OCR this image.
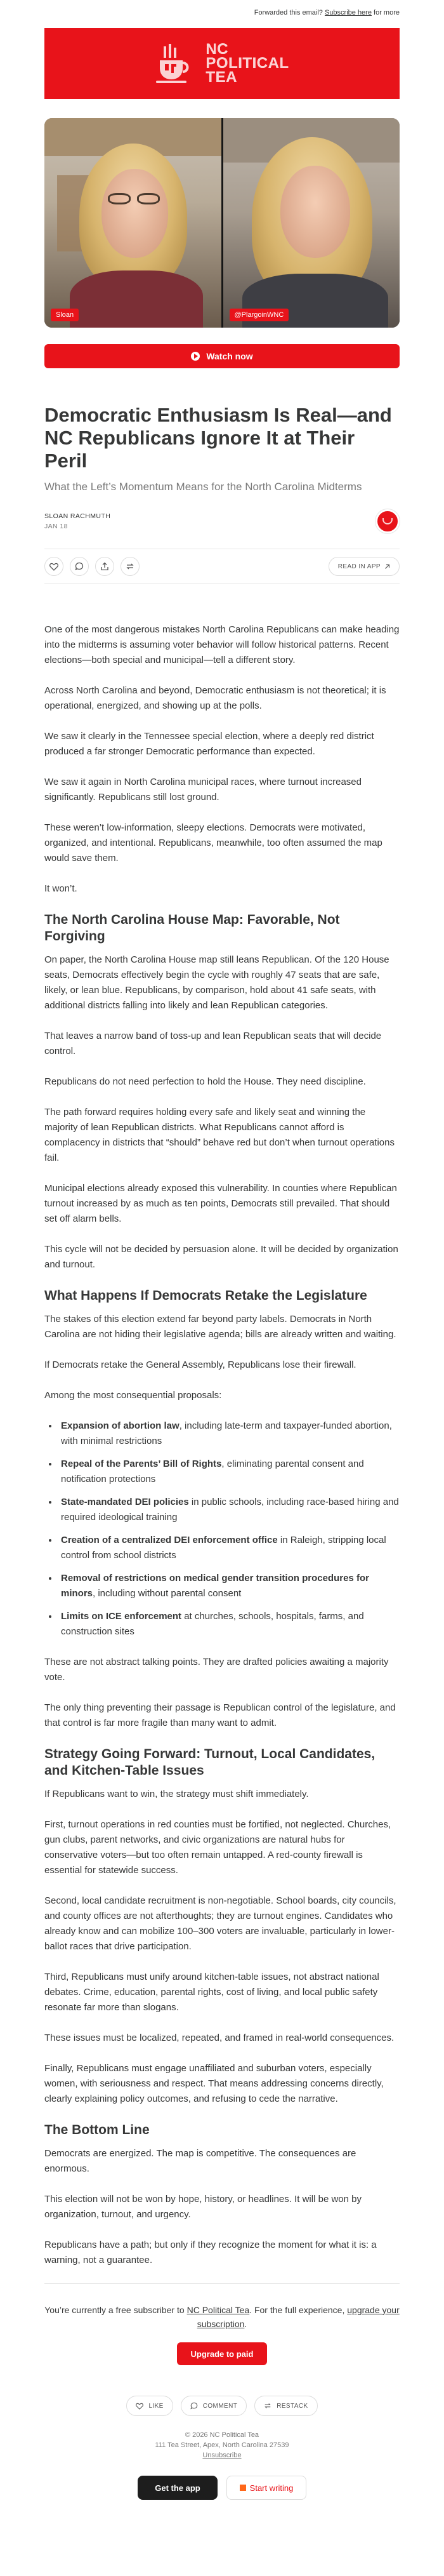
Forwarded this email? Subscribe here for more
NC
POLITICAL
TEA
Sloan	@PlargoinWNC
Watch now
Democratic Enthusiasm Is Real—and NC Republicans Ignore It at Their Peril
What the Left’s Momentum Means for the North Carolina Midterms
SLOAN RACHMUTH
JAN 18
READ IN APP

One of the most dangerous mistakes North Carolina Republicans can make heading into the midterms is assuming voter behavior will follow historical patterns. Recent elections—both special and municipal—tell a different story.

Across North Carolina and beyond, Democratic enthusiasm is not theoretical; it is operational, energized, and showing up at the polls.

We saw it clearly in the Tennessee special election, where a deeply red district produced a far stronger Democratic performance than expected.

We saw it again in North Carolina municipal races, where turnout increased significantly. Republicans still lost ground.

These weren’t low-information, sleepy elections. Democrats were motivated, organized, and intentional. Republicans, meanwhile, too often assumed the map would save them.

It won’t.

The North Carolina House Map: Favorable, Not Forgiving

On paper, the North Carolina House map still leans Republican. Of the 120 House seats, Democrats effectively begin the cycle with roughly 47 seats that are safe, likely, or lean blue. Republicans, by comparison, hold about 41 safe seats, with additional districts falling into likely and lean Republican categories.

That leaves a narrow band of toss-up and lean Republican seats that will decide control.

Republicans do not need perfection to hold the House. They need discipline.

The path forward requires holding every safe and likely seat and winning the majority of lean Republican districts. What Republicans cannot afford is complacency in districts that “should” behave red but don’t when turnout operations fail.

Municipal elections already exposed this vulnerability. In counties where Republican turnout increased by as much as ten points, Democrats still prevailed. That should set off alarm bells.

This cycle will not be decided by persuasion alone. It will be decided by organization and turnout.

What Happens If Democrats Retake the Legislature

The stakes of this election extend far beyond party labels. Democrats in North Carolina are not hiding their legislative agenda; bills are already written and waiting.

If Democrats retake the General Assembly, Republicans lose their firewall.

Among the most consequential proposals:

• Expansion of abortion law, including late-term and taxpayer-funded abortion, with minimal restrictions
• Repeal of the Parents’ Bill of Rights, eliminating parental consent and notification protections
• State-mandated DEI policies in public schools, including race-based hiring and required ideological training
• Creation of a centralized DEI enforcement office in Raleigh, stripping local control from school districts
• Removal of restrictions on medical gender transition procedures for minors, including without parental consent
• Limits on ICE enforcement at churches, schools, hospitals, farms, and construction sites

These are not abstract talking points. They are drafted policies awaiting a majority vote.

The only thing preventing their passage is Republican control of the legislature, and that control is far more fragile than many want to admit.

Strategy Going Forward: Turnout, Local Candidates, and Kitchen-Table Issues

If Republicans want to win, the strategy must shift immediately.

First, turnout operations in red counties must be fortified, not neglected. Churches, gun clubs, parent networks, and civic organizations are natural hubs for conservative voters—but too often remain untapped. A red-county firewall is essential for statewide success.

Second, local candidate recruitment is non-negotiable. School boards, city councils, and county offices are not afterthoughts; they are turnout engines. Candidates who already know and can mobilize 100–300 voters are invaluable, particularly in lower-ballot races that drive participation.

Third, Republicans must unify around kitchen-table issues, not abstract national debates. Crime, education, parental rights, cost of living, and local public safety resonate far more than slogans.

These issues must be localized, repeated, and framed in real-world consequences.

Finally, Republicans must engage unaffiliated and suburban voters, especially women, with seriousness and respect. That means addressing concerns directly, clearly explaining policy outcomes, and refusing to cede the narrative.

The Bottom Line

Democrats are energized. The map is competitive. The consequences are enormous.

This election will not be won by hope, history, or headlines. It will be won by organization, turnout, and urgency.

Republicans have a path; but only if they recognize the moment for what it is: a warning, not a guarantee.

You’re currently a free subscriber to NC Political Tea. For the full experience, upgrade your subscription.
Upgrade to paid
LIKE	COMMENT	RESTACK
© 2026 NC Political Tea
111 Tea Street, Apex, North Carolina 27539
Unsubscribe
Get the app	Start writing
